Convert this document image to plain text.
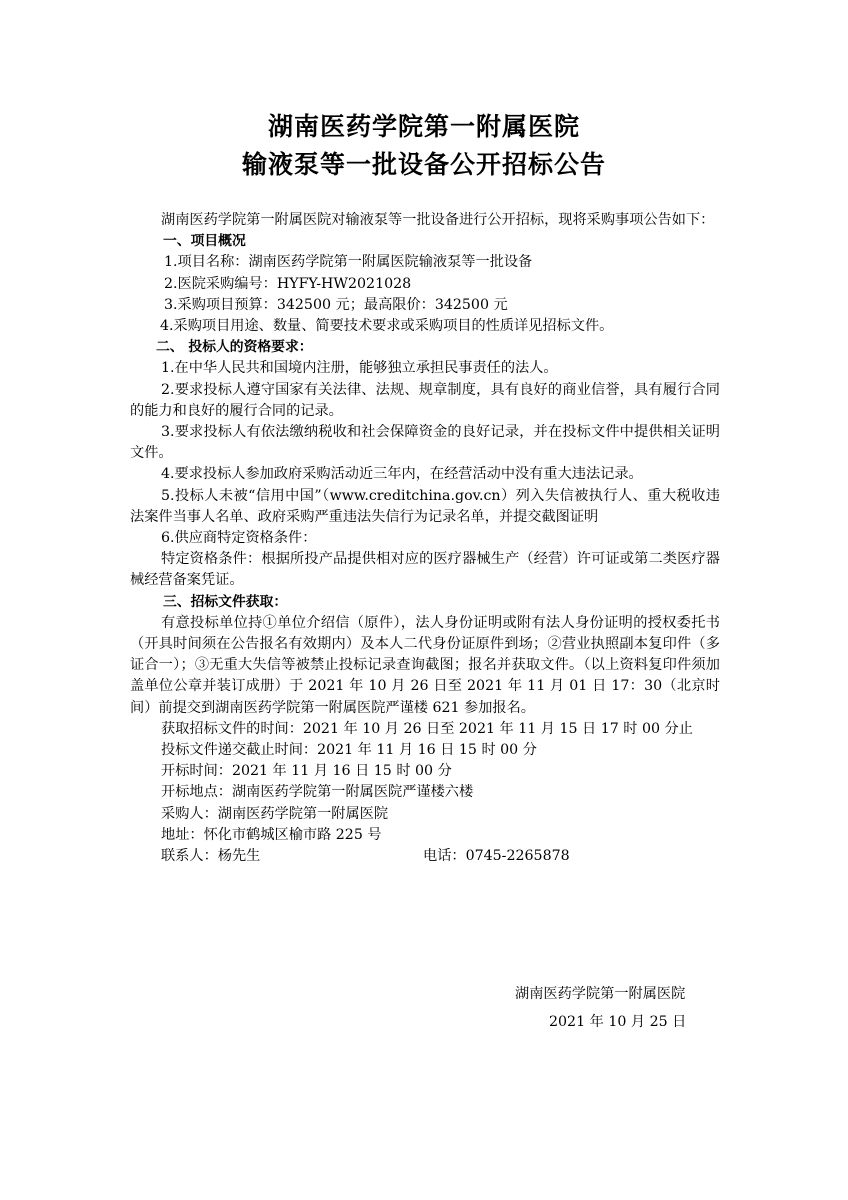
湖南医药学院第一附属医院
输液泵等一批设备公开招标公告

湖南医药学院第一附属医院对输液泵等一批设备进行公开招标，现将采购事项公告如下：

一、项目概况

1.项目名称：湖南医药学院第一附属医院输液泵等一批设备

2.医院采购编号：HYFY-HW2021028

3.采购项目预算：342500 元；最高限价：342500 元

4.采购项目用途、数量、简要技术要求或采购项目的性质详见招标文件。

二、 投标人的资格要求：

1.在中华人民共和国境内注册，能够独立承担民事责任的法人。

2.要求投标人遵守国家有关法律、法规、规章制度，具有良好的商业信誉，具有履行合同的能力和良好的履行合同的记录。

3.要求投标人有依法缴纳税收和社会保障资金的良好记录，并在投标文件中提供相关证明文件。

4.要求投标人参加政府采购活动近三年内，在经营活动中没有重大违法记录。

5.投标人未被“信用中国”（www.creditchina.gov.cn）列入失信被执行人、重大税收违法案件当事人名单、政府采购严重违法失信行为记录名单，并提交截图证明

6.供应商特定资格条件：

特定资格条件：根据所投产品提供相对应的医疗器械生产（经营）许可证或第二类医疗器械经营备案凭证。

三、招标文件获取：

有意投标单位持①单位介绍信（原件），法人身份证明或附有法人身份证明的授权委托书（开具时间须在公告报名有效期内）及本人二代身份证原件到场；②营业执照副本复印件（多证合一）；③无重大失信等被禁止投标记录查询截图；报名并获取文件。（以上资料复印件须加盖单位公章并装订成册）于 2021 年 10 月 26 日至 2021 年 11 月 01 日 17：30（北京时间）前提交到湖南医药学院第一附属医院严谨楼 621 参加报名。

获取招标文件的时间：2021 年 10 月 26 日至 2021 年 11 月 15 日 17 时 00 分止

投标文件递交截止时间：2021 年 11 月 16 日 15 时 00 分

开标时间：2021 年 11 月 16 日 15 时 00 分

开标地点：湖南医药学院第一附属医院严谨楼六楼

采购人：湖南医药学院第一附属医院

地址：怀化市鹤城区榆市路 225 号

联系人：杨先生	电话：0745-2265878
湖南医药学院第一附属医院
2021 年 10 月 25 日
